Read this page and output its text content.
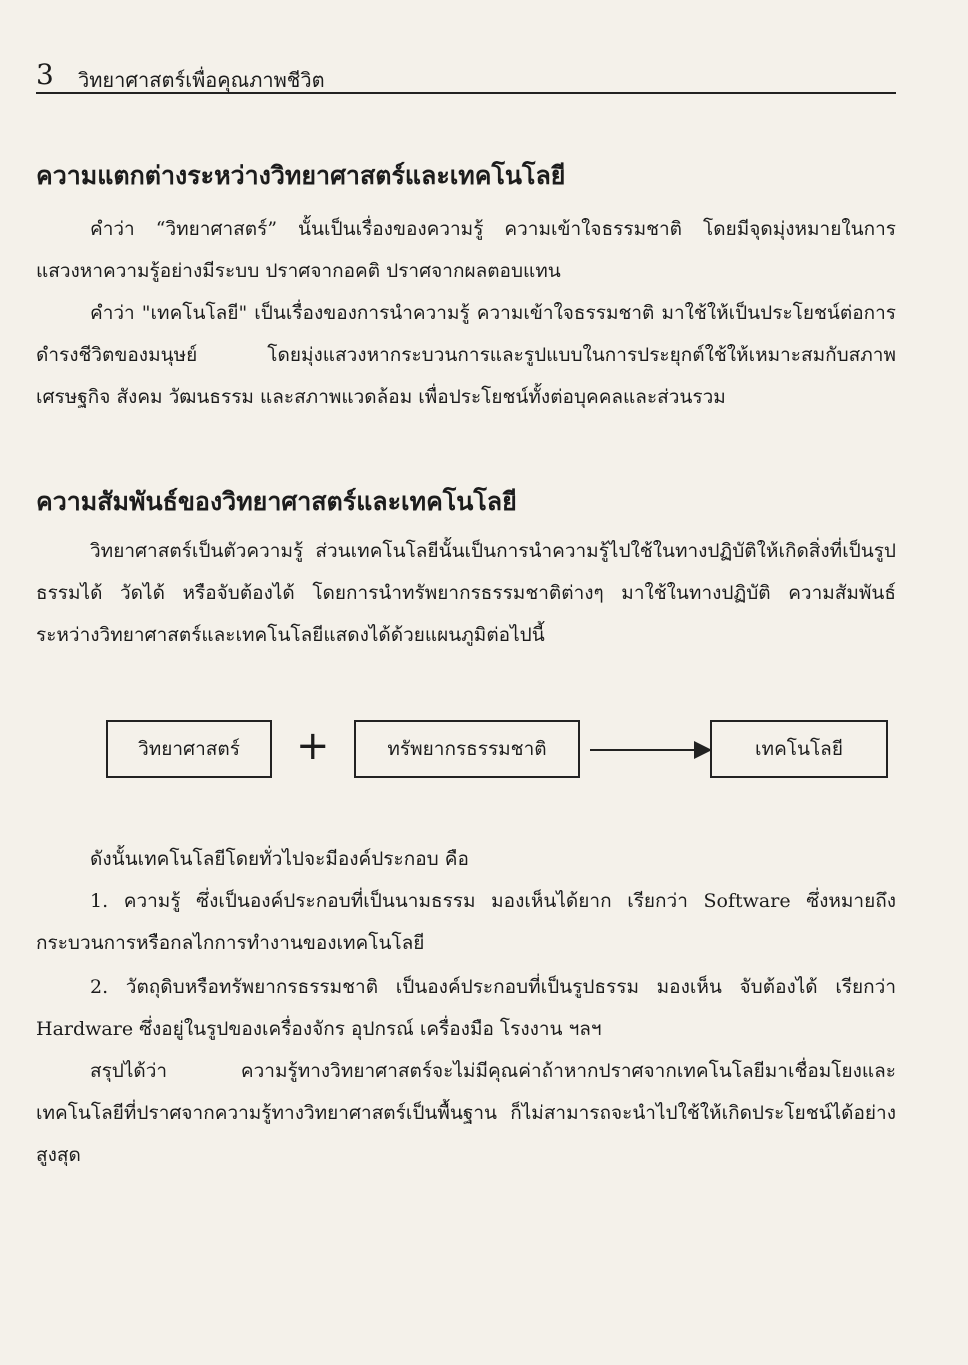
3 วิทยาศาสตร์เพื่อคุณภาพชีวิต
ความแตกต่างระหว่างวิทยาศาสตร์และเทคโนโลยี

คำว่า “วิทยาศาสตร์” นั้นเป็นเรื่องของความรู้ ความเข้าใจธรรมชาติ โดยมีจุดมุ่งหมายในการแสวงหาความรู้อย่างมีระบบ ปราศจากอคติ ปราศจากผลตอบแทน

คำว่า "เทคโนโลยี" เป็นเรื่องของการนำความรู้ ความเข้าใจธรรมชาติ มาใช้ให้เป็นประโยชน์ต่อการดำรงชีวิตของมนุษย์ โดยมุ่งแสวงหากระบวนการและรูปแบบในการประยุกต์ใช้ให้เหมาะสมกับสภาพเศรษฐกิจ สังคม วัฒนธรรม และสภาพแวดล้อม เพื่อประโยชน์ทั้งต่อบุคคลและส่วนรวม

ความสัมพันธ์ของวิทยาศาสตร์และเทคโนโลยี

วิทยาศาสตร์เป็นตัวความรู้ ส่วนเทคโนโลยีนั้นเป็นการนำความรู้ไปใช้ในทางปฏิบัติให้เกิดสิ่งที่เป็นรูปธรรมได้ วัดได้ หรือจับต้องได้ โดยการนำทรัพยากรธรรมชาติต่างๆ มาใช้ในทางปฏิบัติ ความสัมพันธ์ระหว่างวิทยาศาสตร์และเทคโนโลยีแสดงได้ด้วยแผนภูมิต่อไปนี้

วิทยาศาสตร์ +	ทรัพยากรธรรมชาติ	เทคโนโลยี

ดังนั้นเทคโนโลยีโดยทั่วไปจะมีองค์ประกอบ คือ

1. ความรู้ ซึ่งเป็นองค์ประกอบที่เป็นนามธรรม มองเห็นได้ยาก เรียกว่า Software ซึ่งหมายถึงกระบวนการหรือกลไกการทำงานของเทคโนโลยี

2. วัตถุดิบหรือทรัพยากรธรรมชาติ เป็นองค์ประกอบที่เป็นรูปธรรม มองเห็น จับต้องได้ เรียกว่า Hardware ซึ่งอยู่ในรูปของเครื่องจักร อุปกรณ์ เครื่องมือ โรงงาน ฯลฯ

สรุปได้ว่า ความรู้ทางวิทยาศาสตร์จะไม่มีคุณค่าถ้าหากปราศจากเทคโนโลยีมาเชื่อมโยงและเทคโนโลยีที่ปราศจากความรู้ทางวิทยาศาสตร์เป็นพื้นฐาน ก็ไม่สามารถจะนำไปใช้ให้เกิดประโยชน์ได้อย่างสูงสุด
